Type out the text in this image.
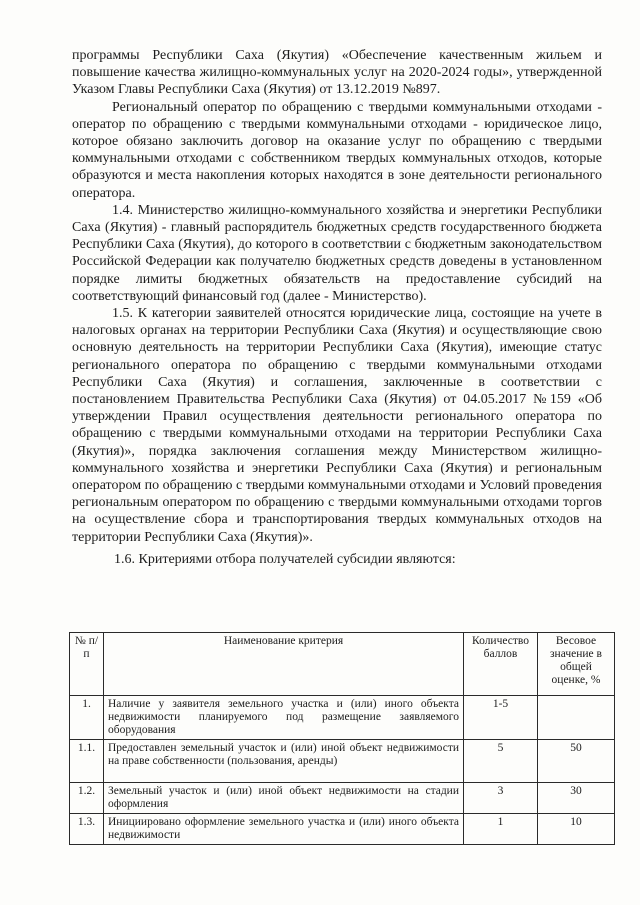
программы Республики Саха (Якутия) «Обеспечение качественным жильем и повышение качества жилищно-коммунальных услуг на 2020-2024 годы», утвержденной Указом Главы Республики Саха (Якутия) от 13.12.2019 №897.

Региональный оператор по обращению с твердыми коммунальными отходами - оператор по обращению с твердыми коммунальными отходами - юридическое лицо, которое обязано заключить договор на оказание услуг по обращению с твердыми коммунальными отходами с собственником твердых коммунальных отходов, которые образуются и места накопления которых находятся в зоне деятельности регионального оператора.

1.4. Министерство жилищно-коммунального хозяйства и энергетики Республики Саха (Якутия) - главный распорядитель бюджетных средств государственного бюджета Республики Саха (Якутия), до которого в соответствии с бюджетным законодательством Российской Федерации как получателю бюджетных средств доведены в установленном порядке лимиты бюджетных обязательств на предоставление субсидий на соответствующий финансовый год (далее - Министерство).

1.5. К категории заявителей относятся юридические лица, состоящие на учете в налоговых органах на территории Республики Саха (Якутия) и осуществляющие свою основную деятельность на территории Республики Саха (Якутия), имеющие статус регионального оператора по обращению с твердыми коммунальными отходами Республики Саха (Якутия) и соглашения, заключенные в соответствии с постановлением Правительства Республики Саха (Якутия) от 04.05.2017 №159 «Об утверждении Правил осуществления деятельности регионального оператора по обращению с твердыми коммунальными отходами на территории Республики Саха (Якутия)», порядка заключения соглашения между Министерством жилищно-коммунального хозяйства и энергетики Республики Саха (Якутия) и региональным оператором по обращению с твердыми коммунальными отходами и Условий проведения региональным оператором по обращению с твердыми коммунальными отходами торгов на осуществление сбора и транспортирования твердых коммунальных отходов на территории Республики Саха (Якутия)».

1.6. Критериями отбора получателей субсидии являются:

№ п/п	Наименование критерия	Количество баллов	Весовое значение в общей оценке, %
1.	Наличие у заявителя земельного участка и (или) иного объекта недвижимости планируемого под размещение заявляемого оборудования	1-5	
1.1.	Предоставлен земельный участок и (или) иной объект недвижимости на праве собственности (пользования, аренды)	5	50
1.2.	Земельный участок и (или) иной объект недвижимости на стадии оформления	3	30
1.3.	Инициировано оформление земельного участка и (или) иного объекта недвижимости	1	10
